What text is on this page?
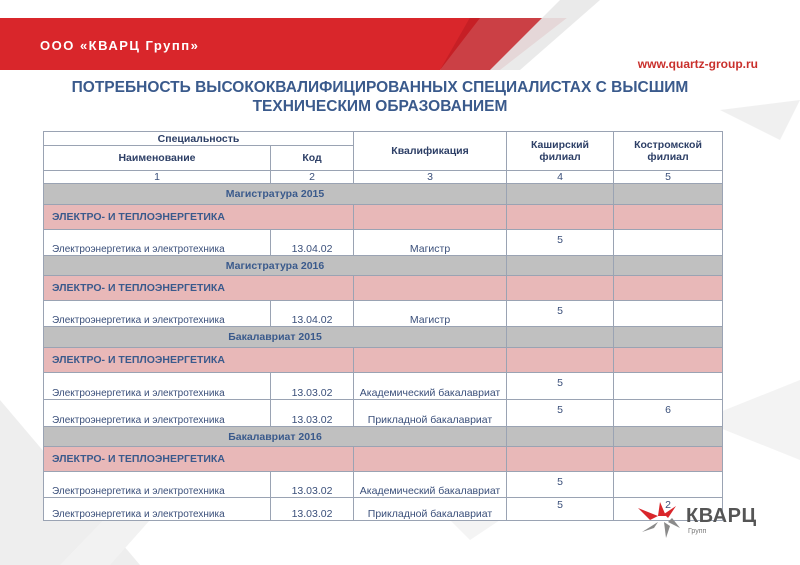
ООО «КВАРЦ Групп»
www.quartz-group.ru
ПОТРЕБНОСТЬ ВЫСОКОКВАЛИФИЦИРОВАННЫХ СПЕЦИАЛИСТАХ С ВЫСШИМ ТЕХНИЧЕСКИМ ОБРАЗОВАНИЕМ
Специальность		Квалификация	Каширский филиал	Костромской филиал
Наименование	Код			
1	2	3	4	5
Магистратура 2015				
ЭЛЕКТРО- И ТЕПЛОЭНЕРГЕТИКА				
Электроэнергетика и электротехника	13.04.02	Магистр	5	
Магистратура 2016				
ЭЛЕКТРО- И ТЕПЛОЭНЕРГЕТИКА				
Электроэнергетика и электротехника	13.04.02	Магистр	5	
Бакалавриат 2015				
ЭЛЕКТРО- И ТЕПЛОЭНЕРГЕТИКА				
Электроэнергетика и электротехника	13.03.02	Академический бакалавриат	5	
Электроэнергетика и электротехника	13.03.02	Прикладной бакалавриат	5	6
Бакалавриат 2016				
ЭЛЕКТРО- И ТЕПЛОЭНЕРГЕТИКА				
Электроэнергетика и электротехника	13.03.02	Академический бакалавриат	5	
Электроэнергетика и электротехника	13.03.02	Прикладной бакалавриат	5	2 КВАРЦ
Групп
